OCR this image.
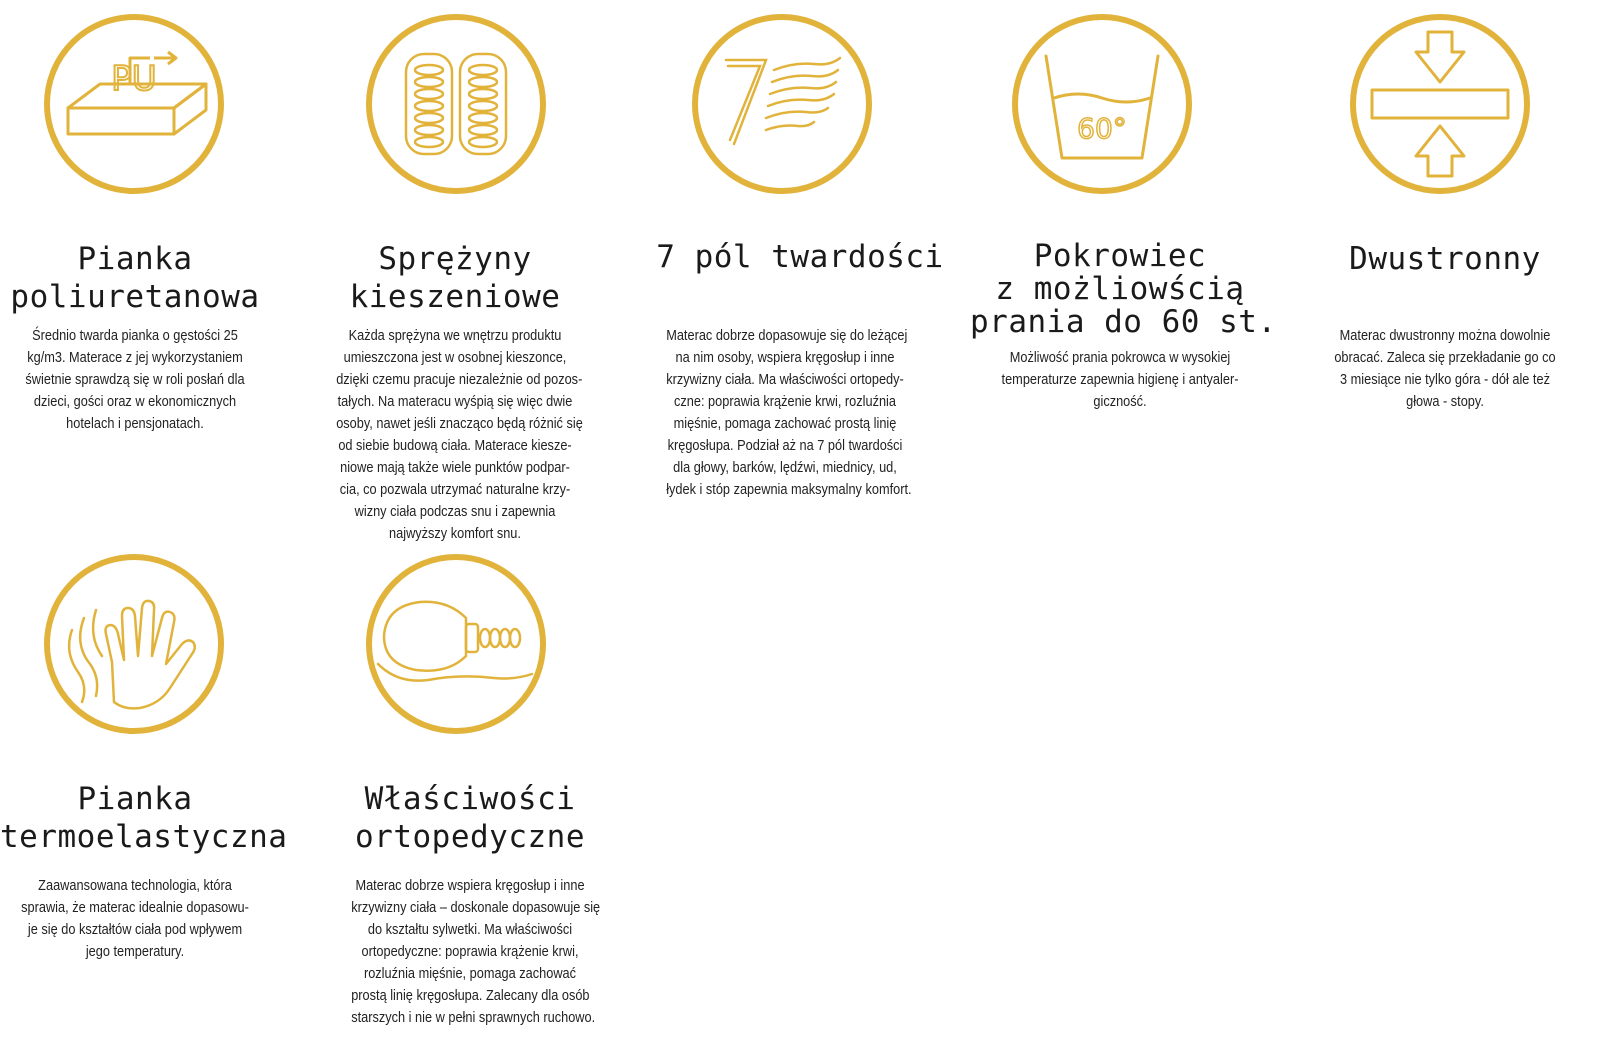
PU
Pianka
poliuretanowa
Średnio twarda pianka o gęstości 25
kg/m3. Materace z jej wykorzystaniem
świetnie sprawdzą się w roli posłań dla
dzieci, gości oraz w ekonomicznych
hotelach i pensjonatach.
Sprężyny
kieszeniowe
Każda sprężyna we wnętrzu produktu
umieszczona jest w osobnej kieszonce,
dzięki czemu pracuje niezależnie od pozos-
tałych. Na materacu wyśpią się więc dwie
osoby, nawet jeśli znacząco będą różnić się
od siebie budową ciała. Materace kiesze-
niowe mają także wiele punktów podpar-
cia, co pozwala utrzymać naturalne krzy-
wizny ciała podczas snu i zapewnia
najwyższy komfort snu.
7 pól twardości
Materac dobrze dopasowuje się do leżącej
na nim osoby, wspiera kręgosłup i inne
krzywizny ciała. Ma właściwości ortopedy-
czne: poprawia krążenie krwi, rozluźnia
mięśnie, pomaga zachować prostą linię
kręgosłupa. Podział aż na 7 pól twardości
dla głowy, barków, lędźwi, miednicy, ud,
łydek i stóp zapewnia maksymalny komfort.
60°
Pokrowiec
z możliowścią
prania do 60 st.
Możliwość prania pokrowca w wysokiej
temperaturze zapewnia higienę i antyaler-
giczność.
Dwustronny
Materac dwustronny można dowolnie
obracać. Zaleca się przekładanie go co
3 miesiące nie tylko góra - dół ale też
głowa - stopy.
Pianka
termoelastyczna
Zaawansowana technologia, która
sprawia, że materac idealnie dopasowu-
je się do kształtów ciała pod wpływem
jego temperatury.
Właściwości
ortopedyczne
Materac dobrze wspiera kręgosłup i inne
krzywizny ciała – doskonale dopasowuje się
do kształtu sylwetki. Ma właściwości
ortopedyczne: poprawia krążenie krwi,
rozluźnia mięśnie, pomaga zachować
prostą linię kręgosłupa. Zalecany dla osób
starszych i nie w pełni sprawnych ruchowo.
